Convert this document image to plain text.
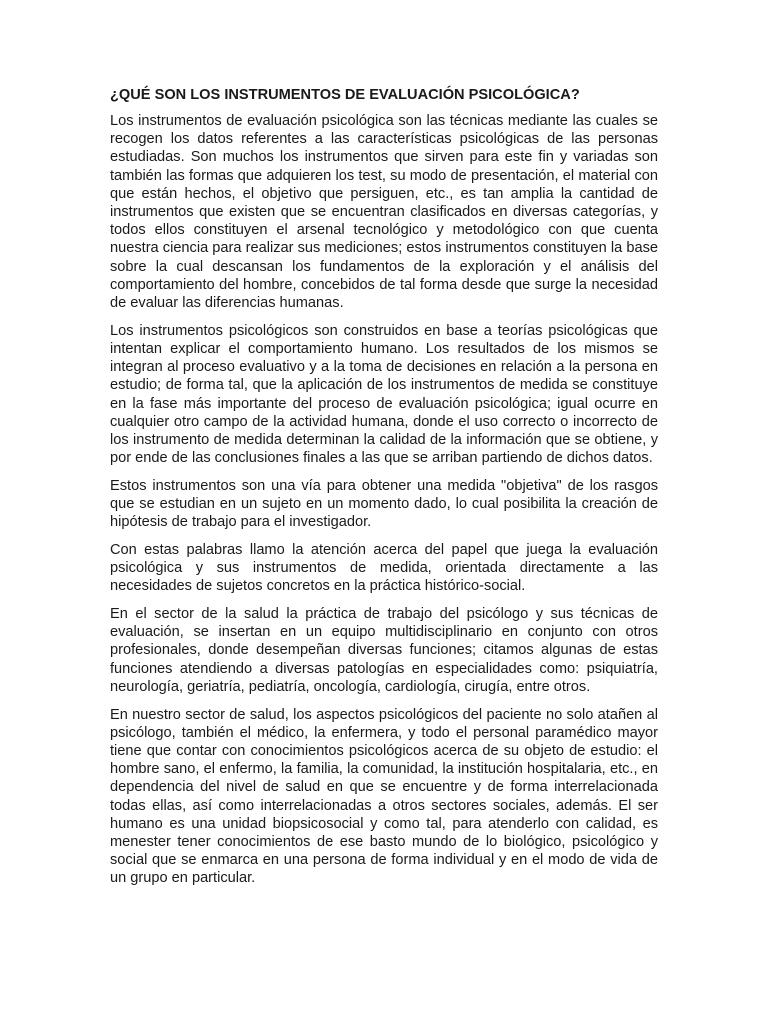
¿QUÉ SON LOS INSTRUMENTOS DE EVALUACIÓN PSICOLÓGICA?

Los instrumentos de evaluación psicológica son las técnicas mediante las cuales se recogen los datos referentes a las características psicológicas de las personas estudiadas. Son muchos los instrumentos que sirven para este fin y variadas son también las formas que adquieren los test, su modo de presentación, el material con que están hechos, el objetivo que persiguen, etc., es tan amplia la cantidad de instrumentos que existen que se encuentran clasificados en diversas categorías, y todos ellos constituyen el arsenal tecnológico y metodológico con que cuenta nuestra ciencia para realizar sus mediciones; estos instrumentos constituyen la base sobre la cual descansan los fundamentos de la exploración y el análisis del comportamiento del hombre, concebidos de tal forma desde que surge la necesidad de evaluar las diferencias humanas.

Los instrumentos psicológicos son construidos en base a teorías psicológicas que intentan explicar el comportamiento humano. Los resultados de los mismos se integran al proceso evaluativo y a la toma de decisiones en relación a la persona en estudio; de forma tal, que la aplicación de los instrumentos de medida se constituye en la fase más importante del proceso de evaluación psicológica; igual ocurre en cualquier otro campo de la actividad humana, donde el uso correcto o incorrecto de los instrumento de medida determinan la calidad de la información que se obtiene, y por ende de las conclusiones finales a las que se arriban partiendo de dichos datos.

Estos instrumentos son una vía para obtener una medida "objetiva" de los rasgos que se estudian en un sujeto en un momento dado, lo cual posibilita la creación de hipótesis de trabajo para el investigador.

Con estas palabras llamo la atención acerca del papel que juega la evaluación psicológica y sus instrumentos de medida, orientada directamente a las necesidades de sujetos concretos en la práctica histórico-social.

En el sector de la salud la práctica de trabajo del psicólogo y sus técnicas de evaluación, se insertan en un equipo multidisciplinario en conjunto con otros profesionales, donde desempeñan diversas funciones; citamos algunas de estas funciones atendiendo a diversas patologías en especialidades como: psiquiatría, neurología, geriatría, pediatría, oncología, cardiología, cirugía, entre otros.

En nuestro sector de salud, los aspectos psicológicos del paciente no solo atañen al psicólogo, también el médico, la enfermera, y todo el personal paramédico mayor tiene que contar con conocimientos psicológicos acerca de su objeto de estudio: el hombre sano, el enfermo, la familia, la comunidad, la institución hospitalaria, etc., en dependencia del nivel de salud en que se encuentre y de forma interrelacionada todas ellas, así como interrelacionadas a otros sectores sociales, además. El ser humano es una unidad biopsicosocial y como tal, para atenderlo con calidad, es menester tener conocimientos de ese basto mundo de lo biológico, psicológico y social que se enmarca en una persona de forma individual y en el modo de vida de un grupo en particular.
